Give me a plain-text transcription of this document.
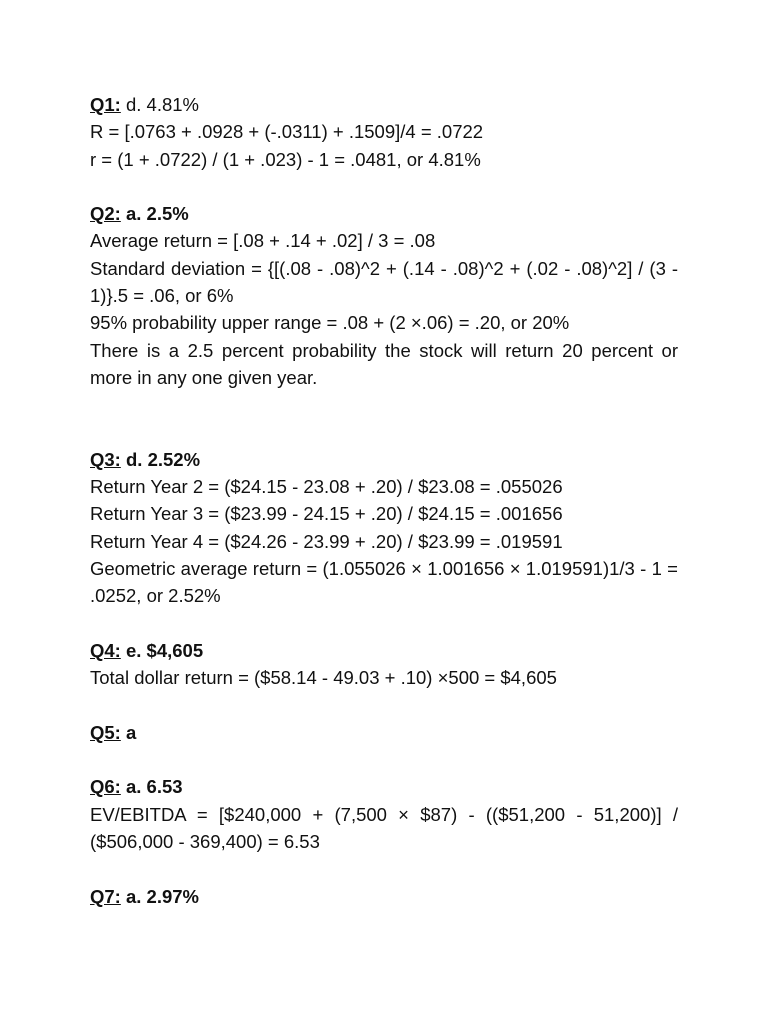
Q1: d. 4.81%

R = [.0763 + .0928 + (-.0311) + .1509]/4 = .0722

r = (1 + .0722) / (1 + .023) - 1 = .0481, or 4.81%

Q2: a. 2.5%

Average return = [.08 + .14 + .02] / 3 = .08

Standard deviation = {[(.08 - .08)^2 + (.14 - .08)^2 + (.02 - .08)^2] / (3 - 1)}.5 = .06, or 6%

95% probability upper range = .08 + (2 ×.06) = .20, or 20%

There is a 2.5 percent probability the stock will return 20 percent or more in any one given year.

Q3: d. 2.52%

Return Year 2 = ($24.15 - 23.08 + .20) / $23.08 = .055026

Return Year 3 = ($23.99 - 24.15 + .20) / $24.15 = .001656

Return Year 4 = ($24.26 - 23.99 + .20) / $23.99 = .019591

Geometric average return = (1.055026 × 1.001656 × 1.019591)1/3 - 1 = .0252, or 2.52%

Q4: e. $4,605

Total dollar return = ($58.14 - 49.03 + .10) ×500 = $4,605

Q5: a

Q6: a. 6.53

EV/EBITDA = [$240,000 + (7,500 × $87) - (($51,200 - 51,200)] / ($506,000 - 369,400) = 6.53

Q7: a. 2.97%
